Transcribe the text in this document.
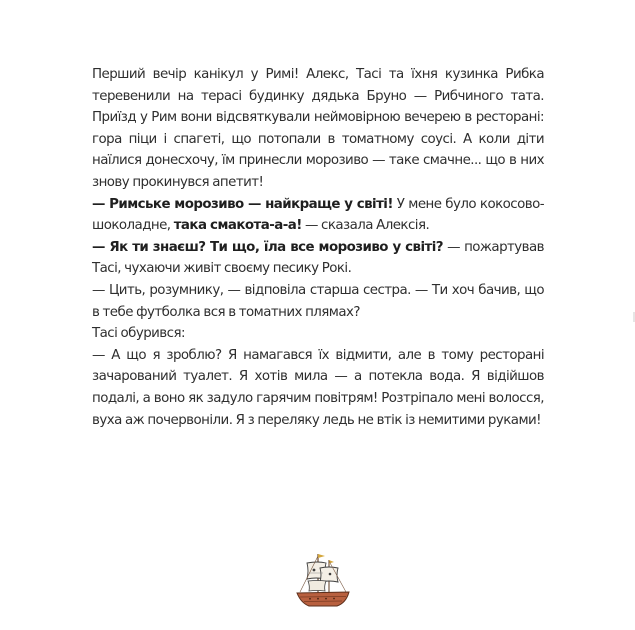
Перший вечір канікул у Римі! Алекс, Тасі та їхня кузинка Рибка теревенили на терасі будинку дядька Бруно — Рибчиного тата. Приїзд у Рим вони відсвяткували неймовірною вечерею в ресторані: гора піци і спагеті, що потопали в томатному соусі. А коли діти наїлися донесхочу, їм принесли морозиво — таке смачне... що в них знову прокинувся апетит!

— Римське морозиво — найкраще у світі! У мене було кокосово-шоколадне, така смакота-а-а! — сказала Алексія.

— Як ти знаєш? Ти що, їла все морозиво у світі? — пожартував Тасі, чухаючи живіт своєму песику Рокі.

— Цить, розумнику, — відповіла старша сестра. — Ти хоч бачив, що в тебе футболка вся в томатних плямах?

Тасі обурився:

— А що я зроблю? Я намагався їх відмити, але в тому ресторані зачарований туалет. Я хотів мила — а потекла вода. Я відійшов подалі, а воно як задуло гарячим повітрям! Розтріпало мені волосся, вуха аж почервоніли. Я з переляку ледь не втік із немитими руками!
